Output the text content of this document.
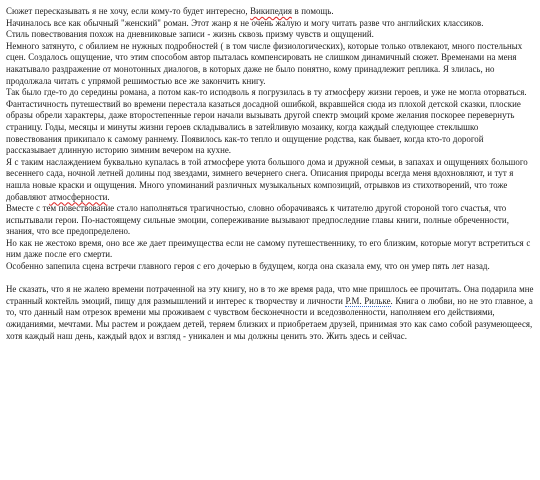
Сюжет пересказывать я не хочу, если кому-то будет интересно, Википедия в помощь.

Начиналось все как обычный "женский" роман. Этот жанр я не очень жалую и могу читать разве что английских классиков.

Стиль повествования похож на дневниковые записи - жизнь сквозь призму чувств и ощущений.

Немного затянуто, с обилием не нужных подробностей ( в том числе физиологических), которые только отвлекают, много постельных сцен. Создалось ощущение, что этим способом автор пыталась компенсировать не слишком динамичный сюжет. Временами на меня накатывало раздражение от монотонных диалогов, в которых даже не было понятно, кому принадлежит реплика. Я злилась, но продолжала читать с упрямой решимостью все же закончить книгу.

Так было где-то до середины романа, а потом как-то исподволь я погрузилась в ту атмосферу жизни героев, и уже не могла оторваться. Фантастичность путешествий во времени перестала казаться досадной ошибкой, вкравшейся сюда из плохой детской сказки, плоские образы обрели характеры, даже второстепенные герои начали вызывать другой спектр эмоций кроме желания поскорее перевернуть страницу. Годы, месяцы и минуты жизни героев складывались в затейливую мозаику, когда каждый следующее стеклышко повествования прикипало к самому раннему. Появилось как-то тепло и ощущение родства, как бывает, когда кто-то дорогой рассказывает длинную историю зимним вечером на кухне.

Я с таким наслаждением буквально купалась в той атмосфере уюта большого дома и дружной семьи, в запахах и ощущениях большого весеннего сада, ночной летней долины под звездами, зимнего вечернего снега. Описания природы всегда меня вдохновляют, и тут я нашла новые краски и ощущения. Много упоминаний различных музыкальных композиций, отрывков из стихотворений, что тоже добавляют атмосферности.

Вместе с тем повествование стало наполняться трагичностью, словно оборачиваясь к читателю другой стороной того счастья, что испытывали герои. По-настоящему сильные эмоции, сопереживание вызывают предпоследние главы книги, полные обреченности, знания, что все предопределено.

Но как не жестоко время, оно все же дает преимущества если не самому путешественнику, то его близким, которые могут встретиться с ним даже после его смерти.

Особенно запепила сцена встречи главного героя с его дочерью в будущем, когда она сказала ему, что он умер пять лет назад.

Не сказать, что я не жалею времени потраченной на эту книгу, но в то же время рада, что мне пришлось ее прочитать. Она подарила мне странный коктейль эмоций, пищу для размышлений и интерес к творчеству и личности Р.М. Рильке. Книга о любви, но не это главное, а то, что данный нам отрезок времени мы проживаем с чувством бесконечности и вседозволенности, наполняем его действиями, ожиданиями, мечтами. Мы растем и рождаем детей, теряем близких и приобретаем друзей, принимая это как само собой разумеющееся, хотя каждый наш день, каждый вдох и взгляд - уникален и мы должны ценить это. Жить здесь и сейчас.
